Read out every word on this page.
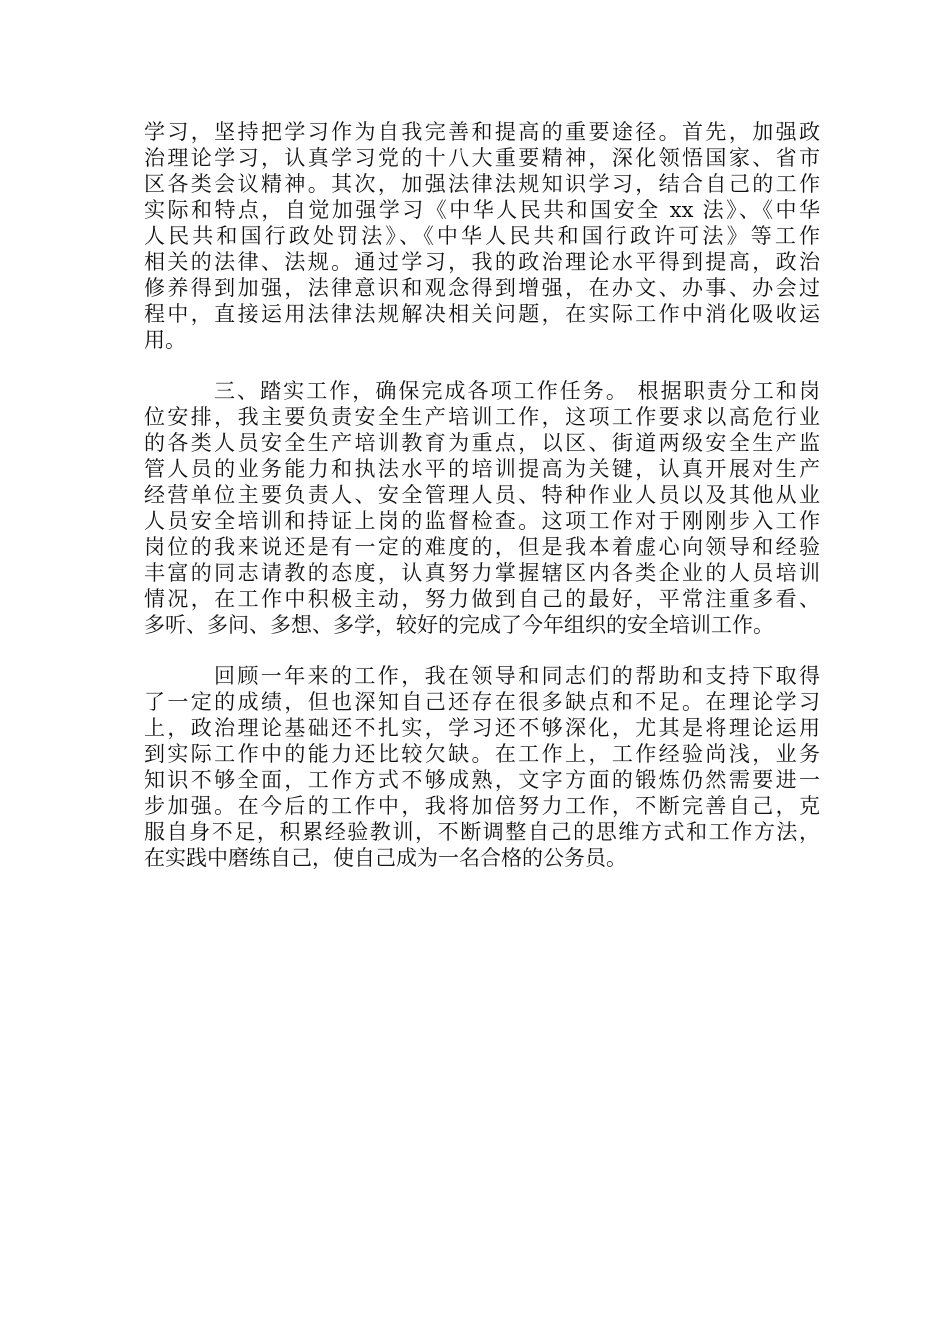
学习，坚持把学习作为自我完善和提高的重要途径。首先，加强政
治理论学习，认真学习党的十八大重要精神，深化领悟国家、省市
区各类会议精神。其次，加强法律法规知识学习，结合自己的工作
实际和特点，自觉加强学习《中华人民共和国安全 xx 法》、《中华
人民共和国行政处罚法》、《中华人民共和国行政许可法》等工作
相关的法律、法规。通过学习，我的政治理论水平得到提高，政治
修养得到加强，法律意识和观念得到增强，在办文、办事、办会过
程中，直接运用法律法规解决相关问题，在实际工作中消化吸收运
用。
三、踏实工作，确保完成各项工作任务。 根据职责分工和岗
位安排，我主要负责安全生产培训工作，这项工作要求以高危行业
的各类人员安全生产培训教育为重点，以区、街道两级安全生产监
管人员的业务能力和执法水平的培训提高为关键，认真开展对生产
经营单位主要负责人、安全管理人员、特种作业人员以及其他从业
人员安全培训和持证上岗的监督检查。这项工作对于刚刚步入工作
岗位的我来说还是有一定的难度的，但是我本着虚心向领导和经验
丰富的同志请教的态度，认真努力掌握辖区内各类企业的人员培训
情况，在工作中积极主动，努力做到自己的最好，平常注重多看、
多听、多问、多想、多学，较好的完成了今年组织的安全培训工作。
回顾一年来的工作，我在领导和同志们的帮助和支持下取得
了一定的成绩，但也深知自己还存在很多缺点和不足。在理论学习
上，政治理论基础还不扎实，学习还不够深化，尤其是将理论运用
到实际工作中的能力还比较欠缺。在工作上，工作经验尚浅，业务
知识不够全面，工作方式不够成熟，文字方面的锻炼仍然需要进一
步加强。在今后的工作中，我将加倍努力工作，不断完善自己，克
服自身不足，积累经验教训，不断调整自己的思维方式和工作方法，
在实践中磨练自己，使自己成为一名合格的公务员。
